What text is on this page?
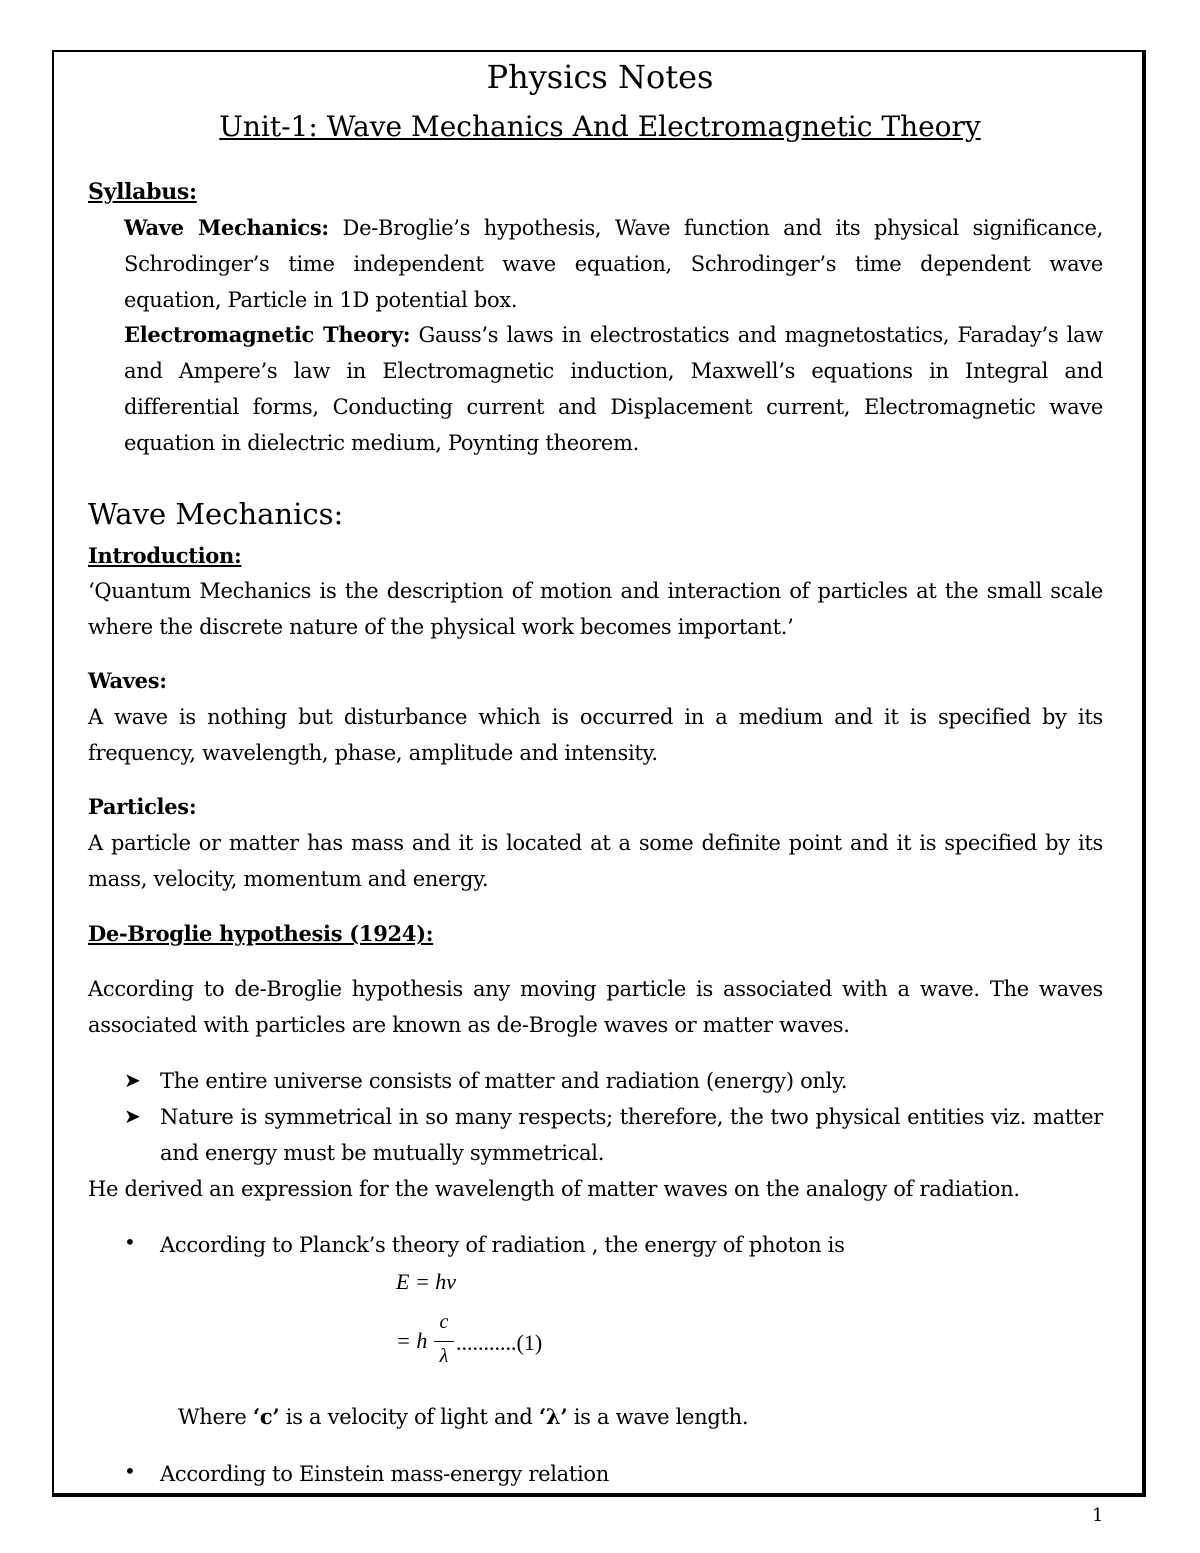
Physics Notes
Unit-1: Wave Mechanics And Electromagnetic Theory
Syllabus:
Wave Mechanics: De-Broglie’s hypothesis, Wave function and its physical significance,
Schrodinger’s time independent wave equation, Schrodinger’s time dependent wave
equation, Particle in 1D potential box.
Electromagnetic Theory: Gauss’s laws in electrostatics and magnetostatics, Faraday’s law
and Ampere’s law in Electromagnetic induction, Maxwell’s equations in Integral and
differential forms, Conducting current and Displacement current, Electromagnetic wave
equation in dielectric medium, Poynting theorem.
Wave Mechanics:
Introduction:
‘Quantum Mechanics is the description of motion and interaction of particles at the small scale
where the discrete nature of the physical work becomes important.’
Waves:
A wave is nothing but disturbance which is occurred in a medium and it is specified by its
frequency, wavelength, phase, amplitude and intensity.
Particles:
A particle or matter has mass and it is located at a some definite point and it is specified by its
mass, velocity, momentum and energy.
De-Broglie hypothesis (1924):
According to de-Broglie hypothesis any moving particle is associated with a wave. The waves
associated with particles are known as de-Brogle waves or matter waves.
➤ The entire universe consists of matter and radiation (energy) only.
➤ Nature is symmetrical in so many respects; therefore, the two physical entities viz. matter
and energy must be mutually symmetrical.
He derived an expression for the wavelength of matter waves on the analogy of radiation.
• According to Planck’s theory of radiation , the energy of photon is
E = hν
= h
c
λ
...........(1)
Where ‘c’ is a velocity of light and ‘λ’ is a wave length.
• According to Einstein mass-energy relation
1
